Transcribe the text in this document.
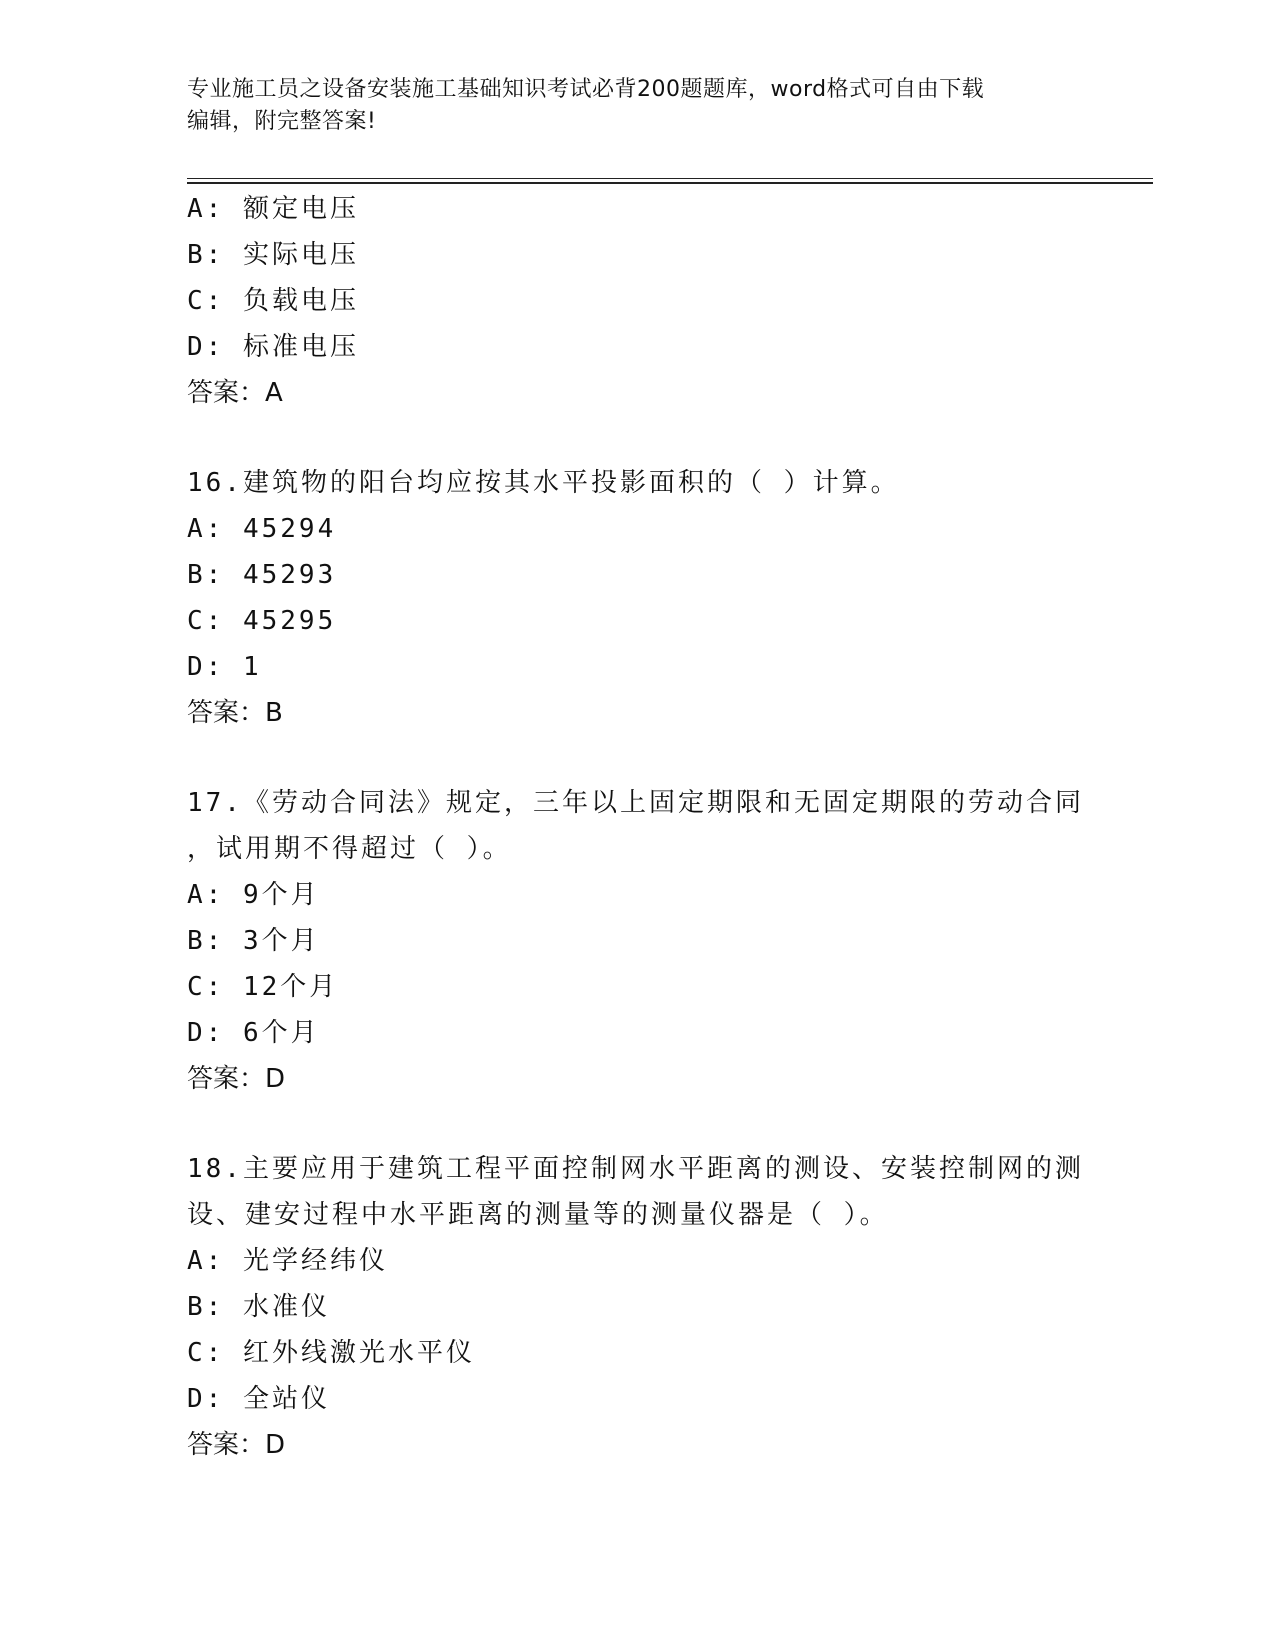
专业施工员之设备安装施工基础知识考试必背200题题库，word格式可自由下载
编辑，附完整答案!
A: 额定电压
B: 实际电压
C: 负载电压
D: 标准电压
答案：A
16.建筑物的阳台均应按其水平投影面积的（ ）计算。
A: 45294
B: 45293
C: 45295
D: 1
答案：B
17.《劳动合同法》规定，三年以上固定期限和无固定期限的劳动合同
，试用期不得超过（ ）。
A: 9个月
B: 3个月
C: 12个月
D: 6个月
答案：D
18.主要应用于建筑工程平面控制网水平距离的测设、安装控制网的测
设、建安过程中水平距离的测量等的测量仪器是（ ）。
A: 光学经纬仪
B: 水准仪
C: 红外线激光水平仪
D: 全站仪
答案：D
